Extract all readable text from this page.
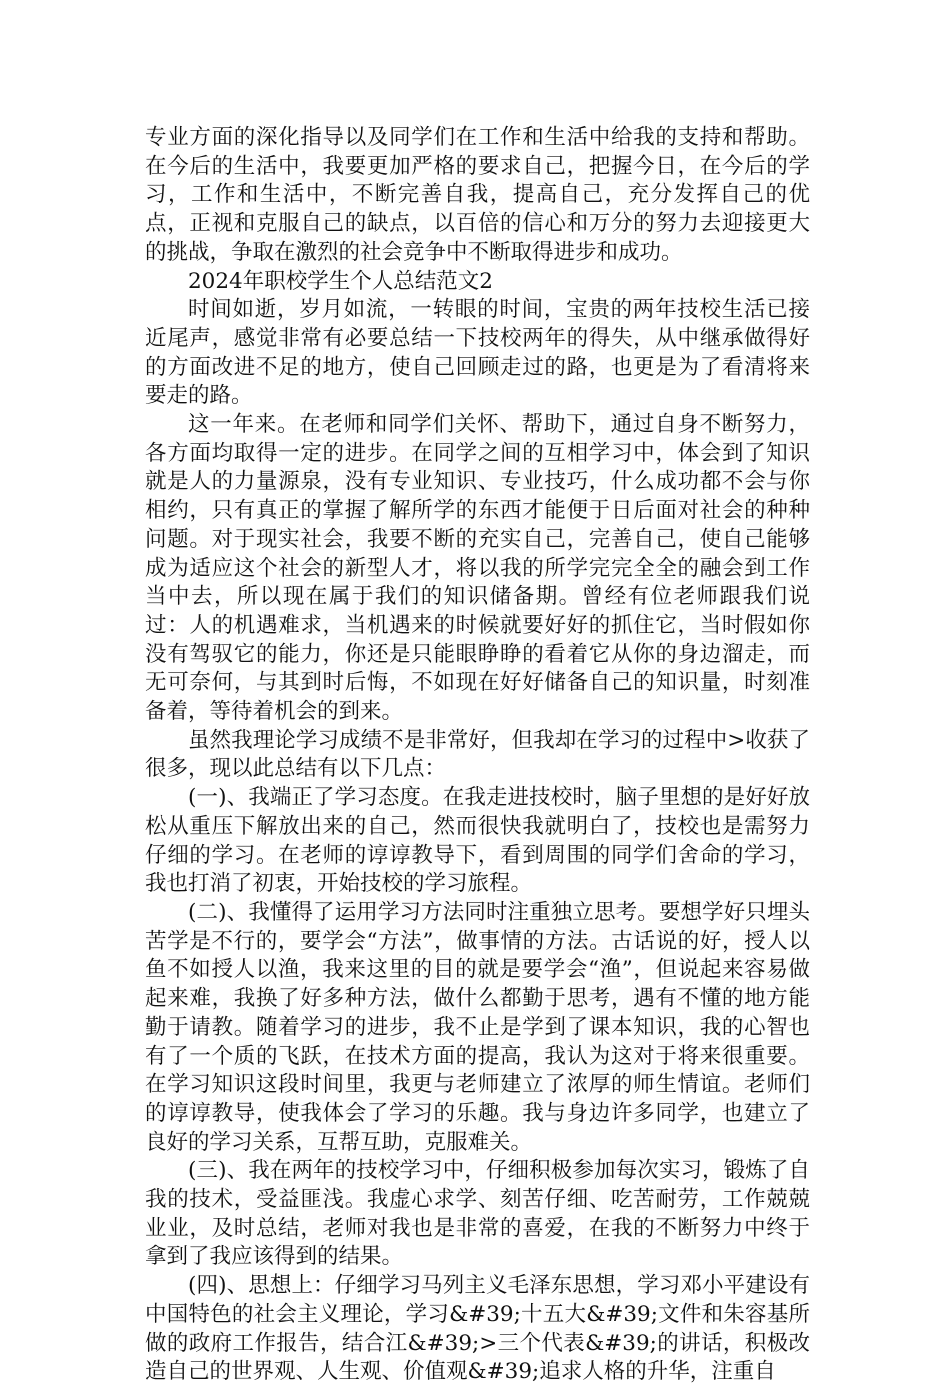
专业方面的深化指导以及同学们在工作和生活中给我的支持和帮助。在今后的生活中，我要更加严格的要求自己，把握今日，在今后的学习，工作和生活中，不断完善自我，提高自己，充分发挥自己的优点，正视和克服自己的缺点，以百倍的信心和万分的努力去迎接更大的挑战，争取在激烈的社会竞争中不断取得进步和成功。

2024年职校学生个人总结范文2

时间如逝，岁月如流，一转眼的时间，宝贵的两年技校生活已接近尾声，感觉非常有必要总结一下技校两年的得失，从中继承做得好的方面改进不足的地方，使自己回顾走过的路，也更是为了看清将来要走的路。

这一年来。在老师和同学们关怀、帮助下，通过自身不断努力，各方面均取得一定的进步。在同学之间的互相学习中，体会到了知识就是人的力量源泉，没有专业知识、专业技巧，什么成功都不会与你相约，只有真正的掌握了解所学的东西才能便于日后面对社会的种种问题。对于现实社会，我要不断的充实自己，完善自己，使自己能够成为适应这个社会的新型人才，将以我的所学完完全全的融会到工作当中去，所以现在属于我们的知识储备期。曾经有位老师跟我们说过：人的机遇难求，当机遇来的时候就要好好的抓住它，当时假如你没有驾驭它的能力，你还是只能眼睁睁的看着它从你的身边溜走，而无可奈何，与其到时后悔，不如现在好好储备自己的知识量，时刻准备着，等待着机会的到来。

虽然我理论学习成绩不是非常好，但我却在学习的过程中>收获了很多，现以此总结有以下几点：

(一)、我端正了学习态度。在我走进技校时，脑子里想的是好好放松从重压下解放出来的自己，然而很快我就明白了，技校也是需努力仔细的学习。在老师的谆谆教导下，看到周围的同学们舍命的学习，我也打消了初衷，开始技校的学习旅程。

(二)、我懂得了运用学习方法同时注重独立思考。要想学好只埋头苦学是不行的，要学会“方法”，做事情的方法。古话说的好，授人以鱼不如授人以渔，我来这里的目的就是要学会“渔”，但说起来容易做起来难，我换了好多种方法，做什么都勤于思考，遇有不懂的地方能勤于请教。随着学习的进步，我不止是学到了课本知识，我的心智也有了一个质的飞跃，在技术方面的提高，我认为这对于将来很重要。在学习知识这段时间里，我更与老师建立了浓厚的师生情谊。老师们的谆谆教导，使我体会了学习的乐趣。我与身边许多同学，也建立了良好的学习关系，互帮互助，克服难关。

(三)、我在两年的技校学习中，仔细积极参加每次实习，锻炼了自我的技术，受益匪浅。我虚心求学、刻苦仔细、吃苦耐劳，工作兢兢业业，及时总结，老师对我也是非常的喜爱，在我的不断努力中终于拿到了我应该得到的结果。

(四)、思想上：仔细学习马列主义毛泽东思想，学习邓小平建设有中国特色的社会主义理论，学习&#39;十五大&#39;文件和朱容基所做的政府工作报告，结合江&#39;>三个代表&#39;的讲话，积极改造自己的世界观、人生观、价值观&#39;追求人格的升华，注重自
